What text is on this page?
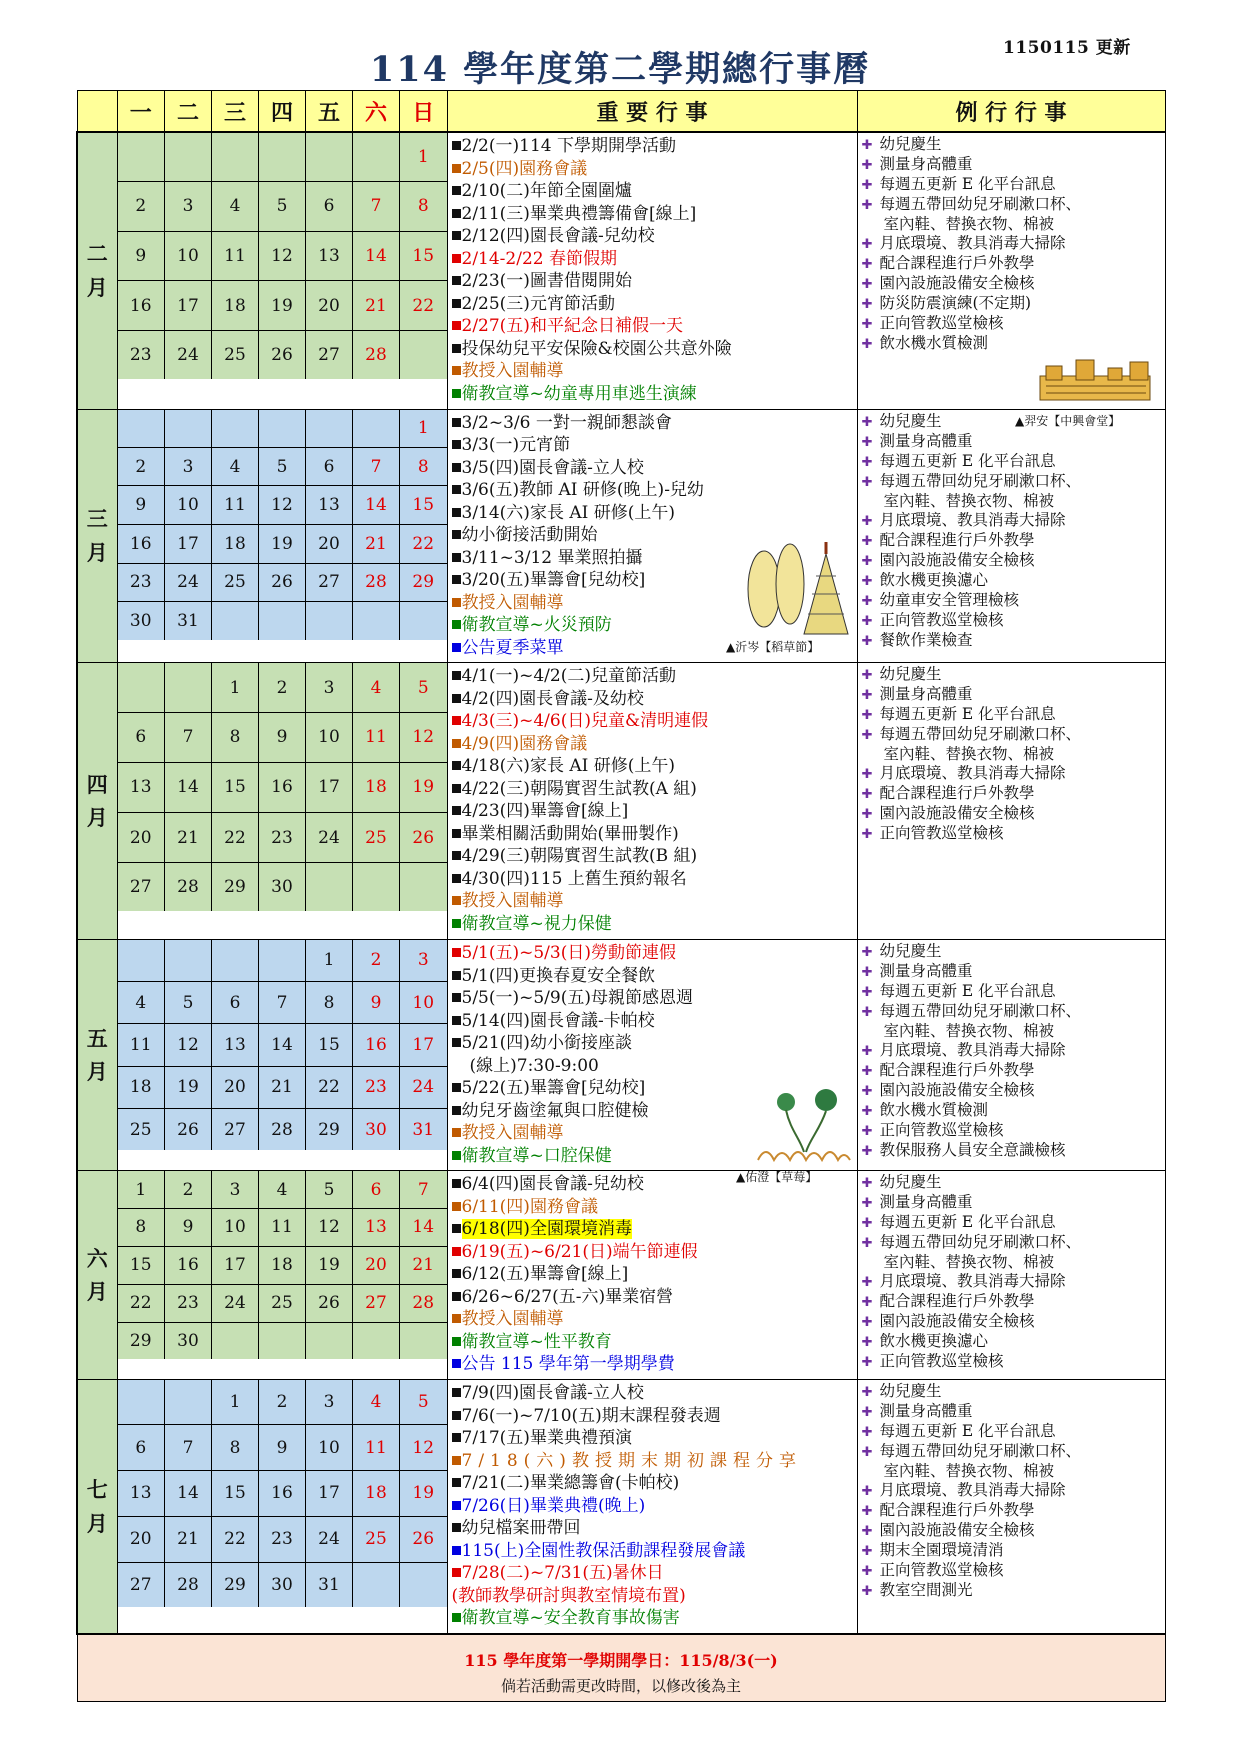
1150115 更新
114 學年度第二學期總行事曆

一	二	三	四	五	六	日
		重 要 行 事	例 行 行 事

二
月

						1
2	3	4	5	6	7	8
9	10	11	12	13	14	15
16	17	18	19	20	21	22
23	24	25	26	27	28	

2/2(一)114 下學期開學活動
2/5(四)園務會議
2/10(二)年節全園圍爐
2/11(三)畢業典禮籌備會[線上]
2/12(四)園長會議-兒幼校
2/14-2/22 春節假期
2/23(一)圖書借閱開始
2/25(三)元宵節活動
2/27(五)和平紀念日補假一天
投保幼兒平安保險&校園公共意外險
教授入園輔導
衛教宣導~幼童專用車逃生演練

✚ 幼兒慶生
✚ 測量身高體重
✚ 每週五更新 E 化平台訊息
✚ 每週五帶回幼兒牙刷漱口杯、
室內鞋、替換衣物、棉被
✚ 月底環境、教具消毒大掃除
✚ 配合課程進行戶外教學
✚ 園內設施設備安全檢核
✚ 防災防震演練(不定期)
✚ 正向管教巡堂檢核
✚ 飲水機水質檢測

三
月

						1
2	3	4	5	6	7	8
9	10	11	12	13	14	15
16	17	18	19	20	21	22
23	24	25	26	27	28	29
30	31					

3/2~3/6 一對一親師懇談會
3/3(一)元宵節
3/5(四)園長會議-立人校
3/6(五)教師 AI 研修(晚上)-兒幼
3/14(六)家長 AI 研修(上午)
幼小銜接活動開始
3/11~3/12 畢業照拍攝
3/20(五)畢籌會[兒幼校]
教授入園輔導
衛教宣導~火災預防
公告夏季菜單

✚ 幼兒慶生
✚ 測量身高體重
✚ 每週五更新 E 化平台訊息
✚ 每週五帶回幼兒牙刷漱口杯、
室內鞋、替換衣物、棉被
✚ 月底環境、教具消毒大掃除
✚ 配合課程進行戶外教學
✚ 園內設施設備安全檢核
✚ 飲水機更換濾心
✚ 幼童車安全管理檢核
✚ 正向管教巡堂檢核
✚ 餐飲作業檢查

四
月

		1	2	3	4	5
6	7	8	9	10	11	12
13	14	15	16	17	18	19
20	21	22	23	24	25	26
27	28	29	30			

4/1(一)~4/2(二)兒童節活動
4/2(四)園長會議-及幼校
4/3(三)~4/6(日)兒童&清明連假
4/9(四)園務會議
4/18(六)家長 AI 研修(上午)
4/22(三)朝陽實習生試教(A 組)
4/23(四)畢籌會[線上]
畢業相關活動開始(畢冊製作)
4/29(三)朝陽實習生試教(B 組)
4/30(四)115 上舊生預約報名
教授入園輔導
衛教宣導~視力保健

✚ 幼兒慶生
✚ 測量身高體重
✚ 每週五更新 E 化平台訊息
✚ 每週五帶回幼兒牙刷漱口杯、
室內鞋、替換衣物、棉被
✚ 月底環境、教具消毒大掃除
✚ 配合課程進行戶外教學
✚ 園內設施設備安全檢核
✚ 正向管教巡堂檢核

五
月

				1	2	3
4	5	6	7	8	9	10
11	12	13	14	15	16	17
18	19	20	21	22	23	24
25	26	27	28	29	30	31

5/1(五)~5/3(日)勞動節連假
5/1(四)更換春夏安全餐飲
5/5(一)~5/9(五)母親節感恩週
5/14(四)園長會議-卡帕校
5/21(四)幼小銜接座談
(線上)7:30-9:00
5/22(五)畢籌會[兒幼校]
幼兒牙齒塗氟與口腔健檢
教授入園輔導
衛教宣導~口腔保健

✚ 幼兒慶生
✚ 測量身高體重
✚ 每週五更新 E 化平台訊息
✚ 每週五帶回幼兒牙刷漱口杯、
室內鞋、替換衣物、棉被
✚ 月底環境、教具消毒大掃除
✚ 配合課程進行戶外教學
✚ 園內設施設備安全檢核
✚ 飲水機水質檢測
✚ 正向管教巡堂檢核
✚ 教保服務人員安全意識檢核

六
月

1	2	3	4	5	6	7
8	9	10	11	12	13	14
15	16	17	18	19	20	21
22	23	24	25	26	27	28
29	30					

6/4(四)園長會議-兒幼校
6/11(四)園務會議
6/18(四)全園環境消毒
6/19(五)~6/21(日)端午節連假
6/12(五)畢籌會[線上]
6/26~6/27(五-六)畢業宿營
教授入園輔導
衛教宣導~性平教育
公告 115 學年第一學期學費

✚ 幼兒慶生
✚ 測量身高體重
✚ 每週五更新 E 化平台訊息
✚ 每週五帶回幼兒牙刷漱口杯、
室內鞋、替換衣物、棉被
✚ 月底環境、教具消毒大掃除
✚ 配合課程進行戶外教學
✚ 園內設施設備安全檢核
✚ 飲水機更換濾心
✚ 正向管教巡堂檢核

七
月

		1	2	3	4	5
6	7	8	9	10	11	12
13	14	15	16	17	18	19
20	21	22	23	24	25	26
27	28	29	30	31		

7/9(四)園長會議-立人校
7/6(一)~7/10(五)期末課程發表週
7/17(五)畢業典禮預演
7/18(六)教授期末期初課程分享
7/21(二)畢業總籌會(卡帕校)
7/26(日)畢業典禮(晚上)
幼兒檔案冊帶回
115(上)全園性教保活動課程發展會議
7/28(二)~7/31(五)暑休日
(教師教學研討與教室情境布置)
衛教宣導~安全教育事故傷害

✚ 幼兒慶生
✚ 測量身高體重
✚ 每週五更新 E 化平台訊息
✚ 每週五帶回幼兒牙刷漱口杯、
室內鞋、替換衣物、棉被
✚ 月底環境、教具消毒大掃除
✚ 配合課程進行戶外教學
✚ 園內設施設備安全檢核
✚ 期末全園環境清消
✚ 正向管教巡堂檢核
✚ 教室空間測光

115 學年度第一學期開學日：115/8/3(一)
倘若活動需更改時間，以修改後為主
▲佑澄【草莓】
▲沂岑【稻草節】
▲羿安【中興會堂】
